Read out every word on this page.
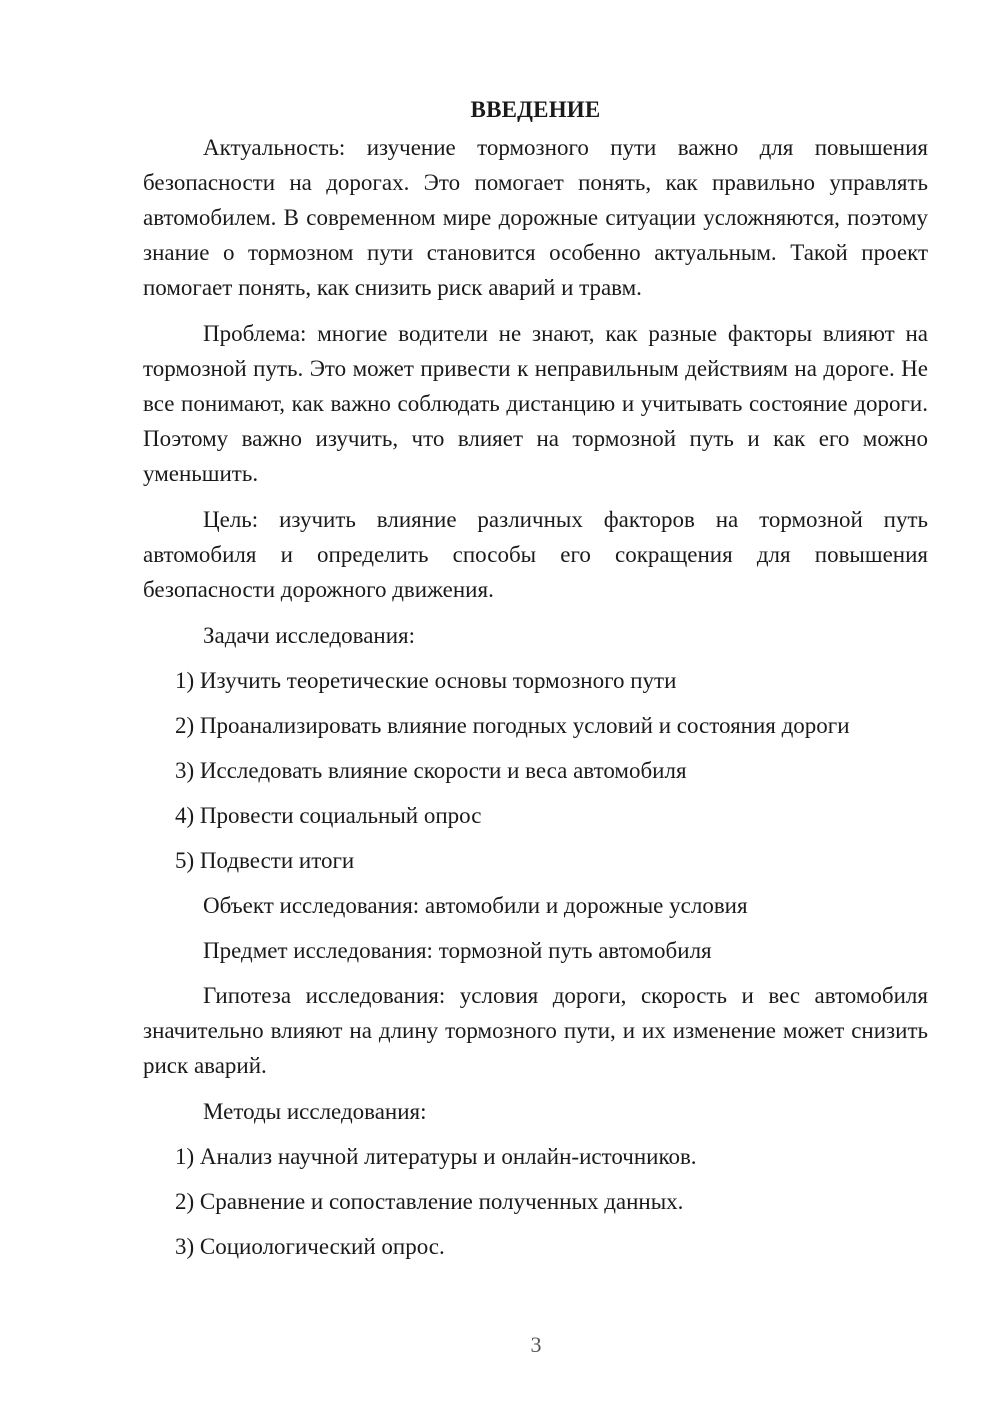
ВВЕДЕНИЕ

Актуальность: изучение тормозного пути важно для повышения безопасности на дорогах. Это помогает понять, как правильно управлять автомобилем. В современном мире дорожные ситуации усложняются, поэтому знание о тормозном пути становится особенно актуальным. Такой проект помогает понять, как снизить риск аварий и травм.

Проблема: многие водители не знают, как разные факторы влияют на тормозной путь. Это может привести к неправильным действиям на дороге. Не все понимают, как важно соблюдать дистанцию и учитывать состояние дороги. Поэтому важно изучить, что влияет на тормозной путь и как его можно уменьшить.

Цель: изучить влияние различных факторов на тормозной путь автомобиля и определить способы его сокращения для повышения безопасности дорожного движения.

Задачи исследования:

1) Изучить теоретические основы тормозного пути

2) Проанализировать влияние погодных условий и состояния дороги

3) Исследовать влияние скорости и веса автомобиля

4) Провести социальный опрос

5) Подвести итоги

Объект исследования: автомобили и дорожные условия

Предмет исследования: тормозной путь автомобиля

Гипотеза исследования: условия дороги, скорость и вес автомобиля значительно влияют на длину тормозного пути, и их изменение может снизить риск аварий.

Методы исследования:

1) Анализ научной литературы и онлайн-источников.

2) Сравнение и сопоставление полученных данных.

3) Социологический опрос.

3
